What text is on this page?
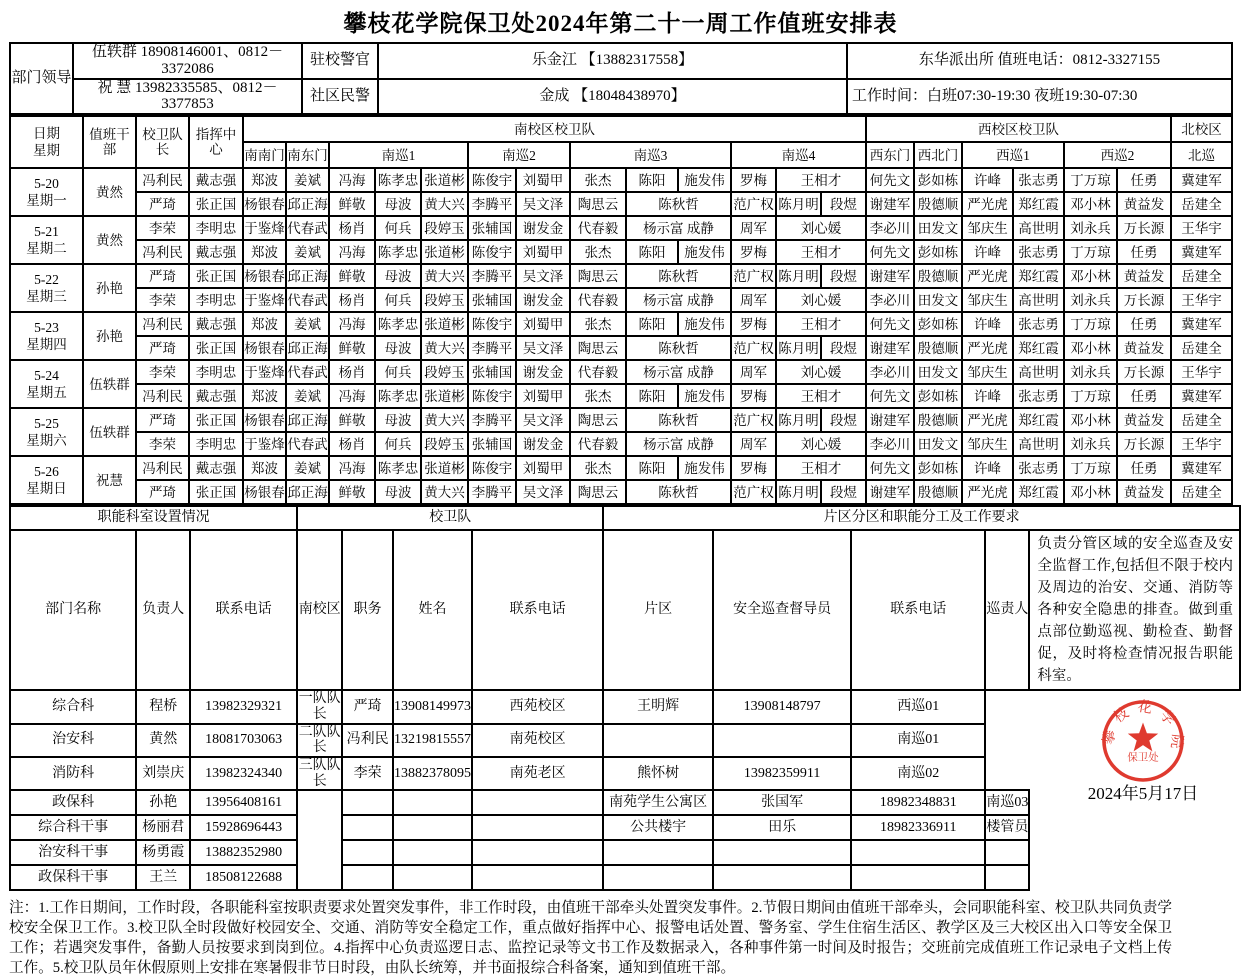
攀枝花学院保卫处2024年第二十一周工作值班安排表
部门领导	伍轶群 18908146001、0812－3372086	驻校警官	乐金江 【13882317558】	东华派出所 值班电话：0812-3327155
	祝 慧 13982335585、0812－3377853	社区民警	金成 【18048438970】	工作时间：白班07:30-19:30 夜班19:30-07:30
日期
星期	值班干部	校卫队长	指挥中心	南校区校卫队													西校区校卫队						北校区
				南南门	南东门	南巡1			南巡2		南巡3			南巡4			西东门	西北门	西巡1		西巡2		北巡

5-20
星期一	黄然	冯利民	戴志强	郑波	姜斌	冯海	陈孝忠	张道彬	陈俊宇	刘蜀甲	张杰	陈阳	施发伟	罗梅	王相才		何先文	彭如栋	许峰	张志勇	丁万琼	任勇	冀建军
		严琦	张正国	杨银春	邱正海	鲜敬	母波	黄大兴	李腾平	吴文泽	陶思云	陈秋哲		范广权	陈月明	段煜	谢建军	殷德顺	严光虎	郑红霞	邓小林	黄益发	岳建全

5-21
星期二	黄然	李荣	李明忠	于鉴烽	代春武	杨肖	何兵	段婷玉	张辅国	谢发金	代春毅	杨示富 成静		周军	刘心媛		李必川	田发文	邹庆生	高世明	刘永兵	万长源	王华宇
		冯利民	戴志强	郑波	姜斌	冯海	陈孝忠	张道彬	陈俊宇	刘蜀甲	张杰	陈阳	施发伟	罗梅	王相才		何先文	彭如栋	许峰	张志勇	丁万琼	任勇	冀建军

5-22
星期三	孙艳	严琦	张正国	杨银春	邱正海	鲜敬	母波	黄大兴	李腾平	吴文泽	陶思云	陈秋哲		范广权	陈月明	段煜	谢建军	殷德顺	严光虎	郑红霞	邓小林	黄益发	岳建全
		李荣	李明忠	于鉴烽	代春武	杨肖	何兵	段婷玉	张辅国	谢发金	代春毅	杨示富 成静		周军	刘心媛		李必川	田发文	邹庆生	高世明	刘永兵	万长源	王华宇

5-23
星期四	孙艳	冯利民	戴志强	郑波	姜斌	冯海	陈孝忠	张道彬	陈俊宇	刘蜀甲	张杰	陈阳	施发伟	罗梅	王相才		何先文	彭如栋	许峰	张志勇	丁万琼	任勇	冀建军
		严琦	张正国	杨银春	邱正海	鲜敬	母波	黄大兴	李腾平	吴文泽	陶思云	陈秋哲		范广权	陈月明	段煜	谢建军	殷德顺	严光虎	郑红霞	邓小林	黄益发	岳建全

5-24
星期五	伍轶群	李荣	李明忠	于鉴烽	代春武	杨肖	何兵	段婷玉	张辅国	谢发金	代春毅	杨示富 成静		周军	刘心媛		李必川	田发文	邹庆生	高世明	刘永兵	万长源	王华宇
		冯利民	戴志强	郑波	姜斌	冯海	陈孝忠	张道彬	陈俊宇	刘蜀甲	张杰	陈阳	施发伟	罗梅	王相才		何先文	彭如栋	许峰	张志勇	丁万琼	任勇	冀建军

5-25
星期六	伍轶群	严琦	张正国	杨银春	邱正海	鲜敬	母波	黄大兴	李腾平	吴文泽	陶思云	陈秋哲		范广权	陈月明	段煜	谢建军	殷德顺	严光虎	郑红霞	邓小林	黄益发	岳建全
		李荣	李明忠	于鉴烽	代春武	杨肖	何兵	段婷玉	张辅国	谢发金	代春毅	杨示富 成静		周军	刘心媛		李必川	田发文	邹庆生	高世明	刘永兵	万长源	王华宇

5-26
星期日	祝慧	冯利民	戴志强	郑波	姜斌	冯海	陈孝忠	张道彬	陈俊宇	刘蜀甲	张杰	陈阳	施发伟	罗梅	王相才		何先文	彭如栋	许峰	张志勇	丁万琼	任勇	冀建军
		严琦	张正国	杨银春	邱正海	鲜敬	母波	黄大兴	李腾平	吴文泽	陶思云	陈秋哲		范广权	陈月明	段煜	谢建军	殷德顺	严光虎	郑红霞	邓小林	黄益发	岳建全
职能科室设置情况			校卫队				片区分区和职能分工及工作要求				
部门名称	负责人	联系电话	南校区	职务	姓名	联系电话	片区	安全巡查督导员	联系电话	巡责人	负责分管区域的安全巡查及安全监督工作,包括但不限于校内及周边的治安、交通、消防等各种安全隐患的排查。做到重点部位勤巡视、勤检查、勤督促，及时将检查情况报告职能科室。
综合科	程桥	13982329321	一队队长	严琦	13908149973	西苑校区	王明辉	13908148797	西巡01		
治安科	黄然	18081703063	二队队长	冯利民	13219815557	南苑校区			南巡01		
消防科	刘崇庆	13982324340	三队队长	李荣	13882378095	南苑老区	熊怀树	13982359911	南巡02		
政保科	孙艳	13956408161					南苑学生公寓区	张国军	18982348831	南巡03	
综合科干事	杨丽君	15928696443					公共楼宇	田乐	18982336911	楼管员	
治安科干事	杨勇霞	13882352980									
政保科干事	王兰	18508122688									
注：1.工作日期间，工作时段，各职能科室按职责要求处置突发事件，非工作时段，由值班干部牵头处置突发事件。2.节假日期间由值班干部牵头，会同职能科室、校卫队共同负责学校安全保卫工作。3.校卫队全时段做好校园安全、交通、消防等安全稳定工作，重点做好指挥中心、报警电话处置、警务室、学生住宿生活区、教学区及三大校区出入口等安全保卫工作；若遇突发事件，备勤人员按要求到岗到位。4.指挥中心负责巡逻日志、监控记录等文书工作及数据录入，各种事件第一时间及时报告；交班前完成值班工作记录电子文档上传工作。5.校卫队员年休假原则上安排在寒暑假非节日时段，由队长统筹，并书面报综合科备案，通知到值班干部。
攀枝花学院
保卫处
2024年5月17日
